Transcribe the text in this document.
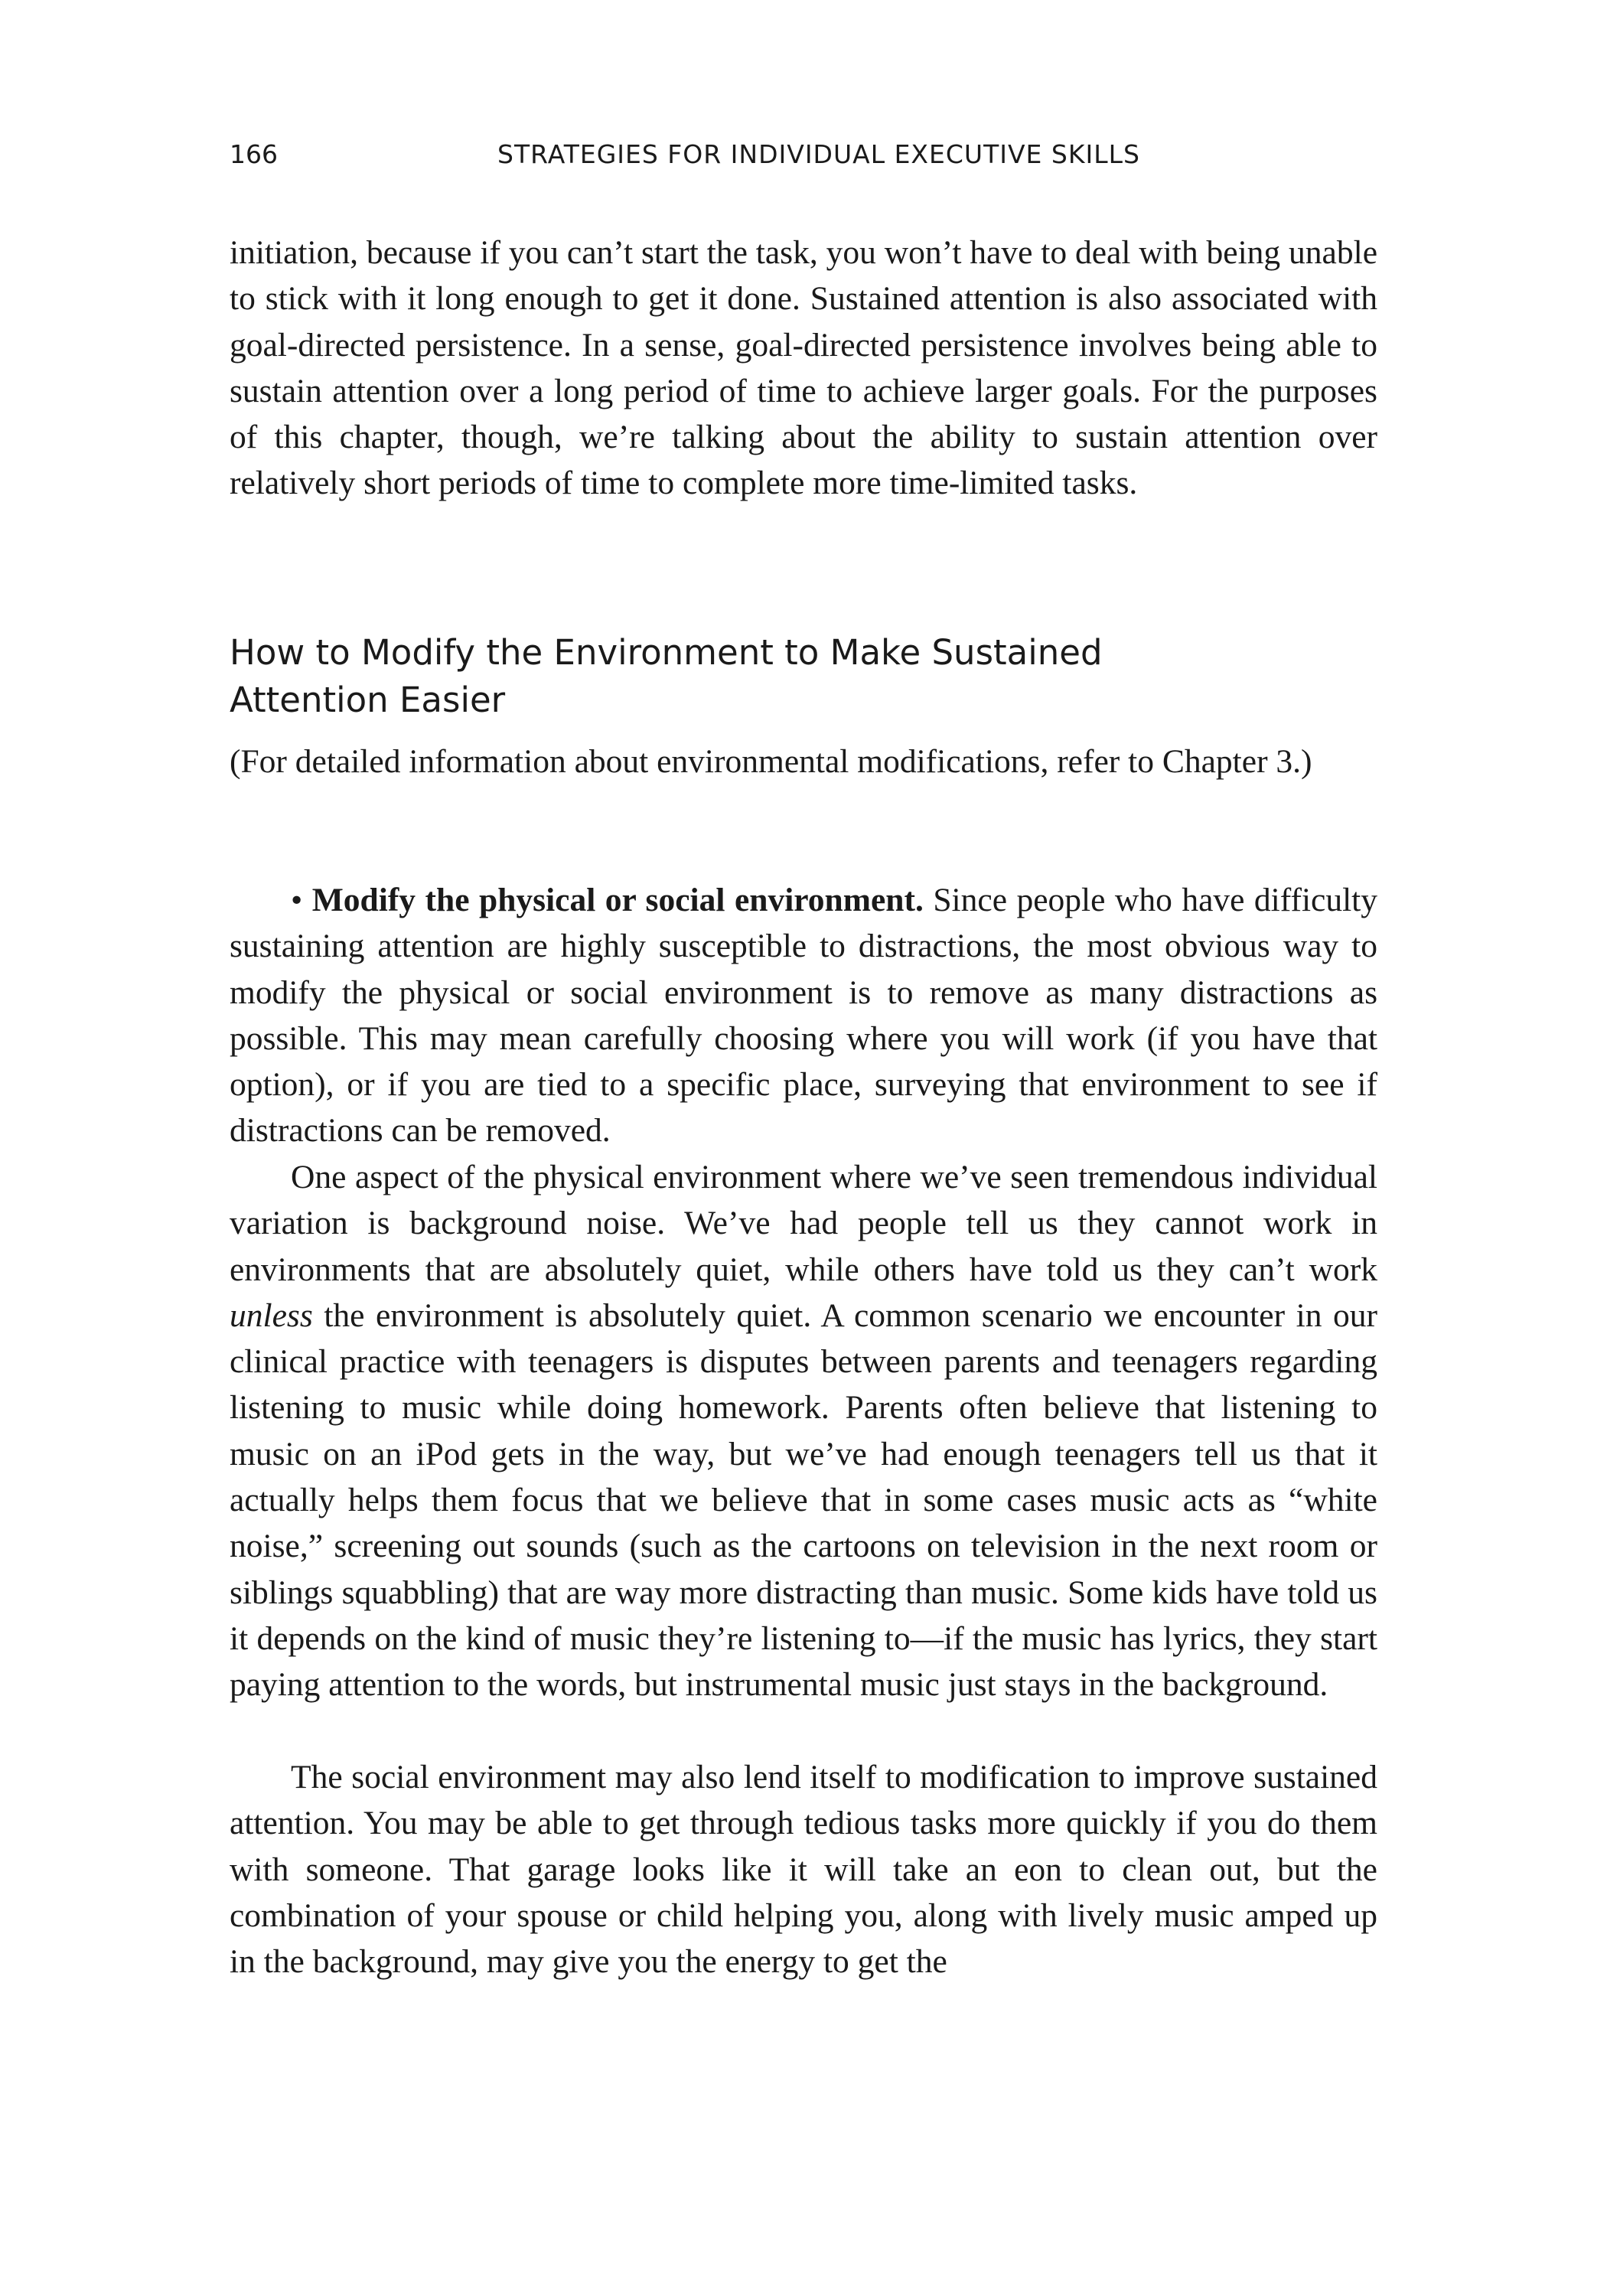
166	STRATEGIES FOR INDIVIDUAL EXECUTIVE SKILLS

initiation, because if you can’t start the task, you won’t have to deal with being unable to stick with it long enough to get it done. Sustained attention is also associated with goal-directed persistence. In a sense, goal-directed persistence involves being able to sustain attention over a long period of time to achieve larger goals. For the purposes of this chapter, though, we’re talking about the ability to sustain attention over relatively short periods of time to complete more time-limited tasks.

How to Modify the Environment to Make Sustained
Attention Easier

(For detailed information about environmental modifications, refer to Chapter 3.)

• Modify the physical or social environment. Since people who have difficulty sustaining attention are highly susceptible to distractions, the most obvious way to modify the physical or social environment is to remove as many distractions as possible. This may mean carefully choosing where you will work (if you have that option), or if you are tied to a specific place, surveying that environment to see if distractions can be removed.

One aspect of the physical environment where we’ve seen tremendous individual variation is background noise. We’ve had people tell us they cannot work in environments that are absolutely quiet, while others have told us they can’t work unless the environment is absolutely quiet. A common scenario we encounter in our clinical practice with teenagers is disputes between parents and teenagers regarding listening to music while doing homework. Parents often believe that listening to music on an iPod gets in the way, but we’ve had enough teenagers tell us that it actually helps them focus that we believe that in some cases music acts as “white noise,” screening out sounds (such as the cartoons on television in the next room or siblings squabbling) that are way more distracting than music. Some kids have told us it depends on the kind of music they’re listening to—if the music has lyrics, they start paying attention to the words, but instrumental music just stays in the background.

The social environment may also lend itself to modification to improve sustained attention. You may be able to get through tedious tasks more quickly if you do them with someone. That garage looks like it will take an eon to clean out, but the combination of your spouse or child helping you, along with lively music amped up in the background, may give you the energy to get the
